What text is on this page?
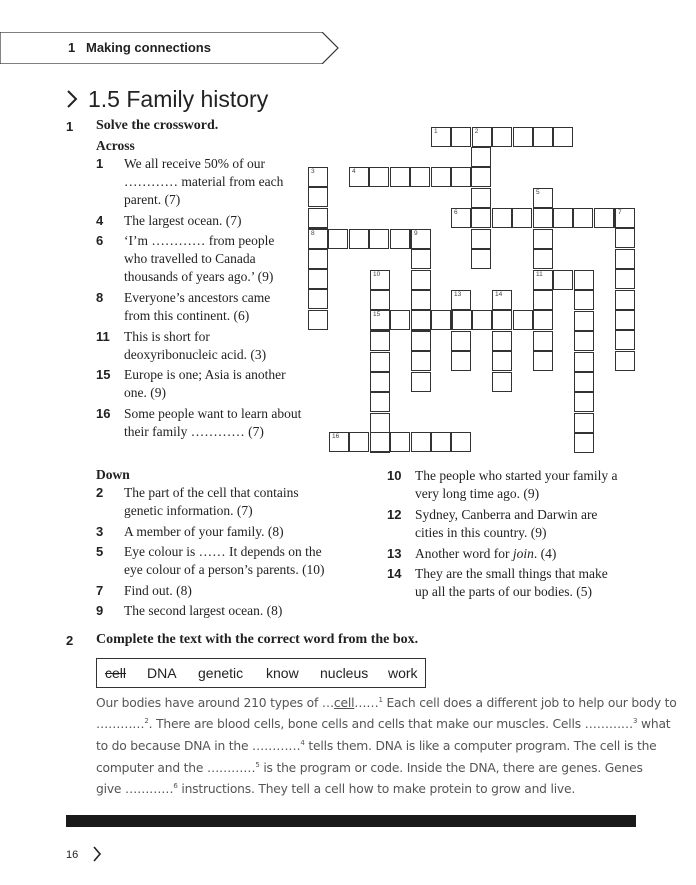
1 Making connections
1.5 Family history
1 Solve the crossword.
Across
1 We all receive 50% of our
………… material from each
parent. (7)
4 The largest ocean. (7)
6 ‘I’m ………… from people
who travelled to Canada
thousands of years ago.’ (9)
8 Everyone’s ancestors came
from this continent. (6)
11 This is short for
deoxyribonucleic acid. (3)
15 Europe is one; Asia is another
one. (9)
16 Some people want to learn about
their family ………… (7)
Down
2 The part of the cell that contains
genetic information. (7)
3 A member of your family. (8)
5 Eye colour is …… It depends on the
eye colour of a person’s parents. (10)
7 Find out. (8)
9 The second largest ocean. (8)
10 The people who started your family a
very long time ago. (9)
12 Sydney, Canberra and Darwin are
cities in this country. (9)
13 Another word for join. (4)
14 They are the small things that make
up all the parts of our bodies. (5)
1	2
3	4
5
6	7
8	9
10	11
13	14
15
16
2 Complete the text with the correct word from the box.
cell DNA genetic know nucleus work
Our bodies have around 210 types of …cell……$^1$ Each cell does a different job to help our body to
…………$^2$. There are blood cells, bone cells and cells that make our muscles. Cells …………$^3$ what
to do because DNA in the …………$^4$ tells them. DNA is like a computer program. The cell is the
computer and the …………$^5$ is the program or code. Inside the DNA, there are genes. Genes
give …………$^6$ instructions. They tell a cell how to make protein to grow and live.
16
